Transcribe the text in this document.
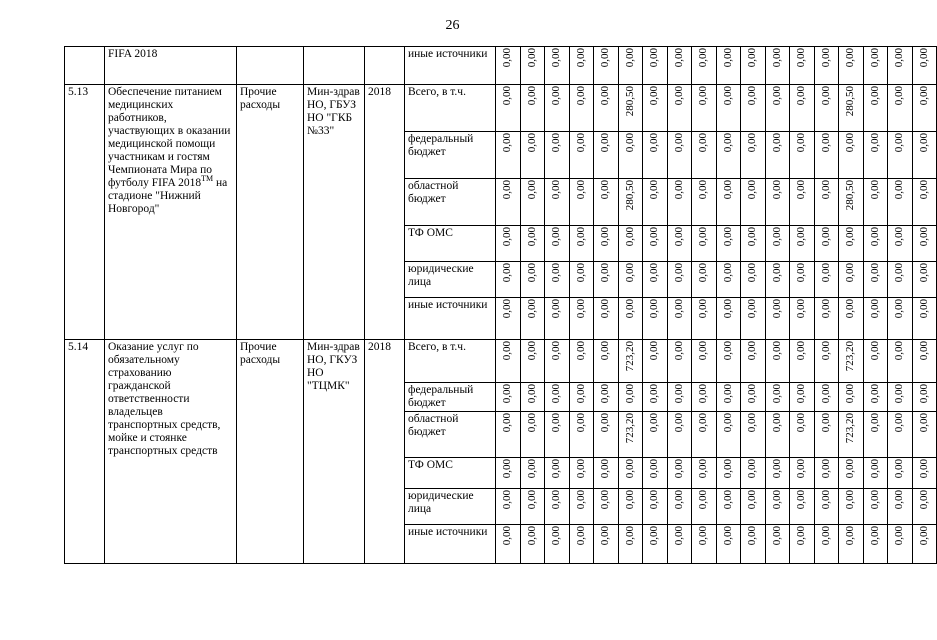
26
	FIFA 2018				иные источники	0,00	0,00	0,00	0,00	0,00	0,00	0,00	0,00	0,00	0,00	0,00	0,00	0,00	0,00	0,00	0,00	0,00	0,00

5.13	Обеспечение питанием медицинских работников, участвующих в оказании медицинской помощи участникам и гостям Чемпионата Мира по футболу FIFA 2018™ на стадионе "Нижний Новгород"	Прочие расходы	Мин-здрав НО, ГБУЗ НО "ГКБ №33"	2018	Всего, в т.ч.	0,00	0,00	0,00	0,00	0,00	280,50	0,00	0,00	0,00	0,00	0,00	0,00	0,00	0,00	280,50	0,00	0,00	0,00

					федеральный бюджет	0,00	0,00	0,00	0,00	0,00	0,00	0,00	0,00	0,00	0,00	0,00	0,00	0,00	0,00	0,00	0,00	0,00	0,00

					областной бюджет	0,00	0,00	0,00	0,00	0,00	280,50	0,00	0,00	0,00	0,00	0,00	0,00	0,00	0,00	280,50	0,00	0,00	0,00

					ТФ ОМС	0,00	0,00	0,00	0,00	0,00	0,00	0,00	0,00	0,00	0,00	0,00	0,00	0,00	0,00	0,00	0,00	0,00	0,00

					юридические лица	0,00	0,00	0,00	0,00	0,00	0,00	0,00	0,00	0,00	0,00	0,00	0,00	0,00	0,00	0,00	0,00	0,00	0,00

					иные источники	0,00	0,00	0,00	0,00	0,00	0,00	0,00	0,00	0,00	0,00	0,00	0,00	0,00	0,00	0,00	0,00	0,00	0,00

5.14	Оказание услуг по обязательному страхованию гражданской ответственности владельцев транспортных средств, мойке и стоянке транспортных средств	Прочие расходы	Мин-здрав НО, ГКУЗ НО "ТЦМК"	2018	Всего, в т.ч.	0,00	0,00	0,00	0,00	0,00	723,20	0,00	0,00	0,00	0,00	0,00	0,00	0,00	0,00	723,20	0,00	0,00	0,00

					федеральный бюджет	0,00	0,00	0,00	0,00	0,00	0,00	0,00	0,00	0,00	0,00	0,00	0,00	0,00	0,00	0,00	0,00	0,00	0,00

					областной бюджет	0,00	0,00	0,00	0,00	0,00	723,20	0,00	0,00	0,00	0,00	0,00	0,00	0,00	0,00	723,20	0,00	0,00	0,00

					ТФ ОМС	0,00	0,00	0,00	0,00	0,00	0,00	0,00	0,00	0,00	0,00	0,00	0,00	0,00	0,00	0,00	0,00	0,00	0,00

					юридические лица	0,00	0,00	0,00	0,00	0,00	0,00	0,00	0,00	0,00	0,00	0,00	0,00	0,00	0,00	0,00	0,00	0,00	0,00

					иные источники	0,00	0,00	0,00	0,00	0,00	0,00	0,00	0,00	0,00	0,00	0,00	0,00	0,00	0,00	0,00	0,00	0,00	0,00
